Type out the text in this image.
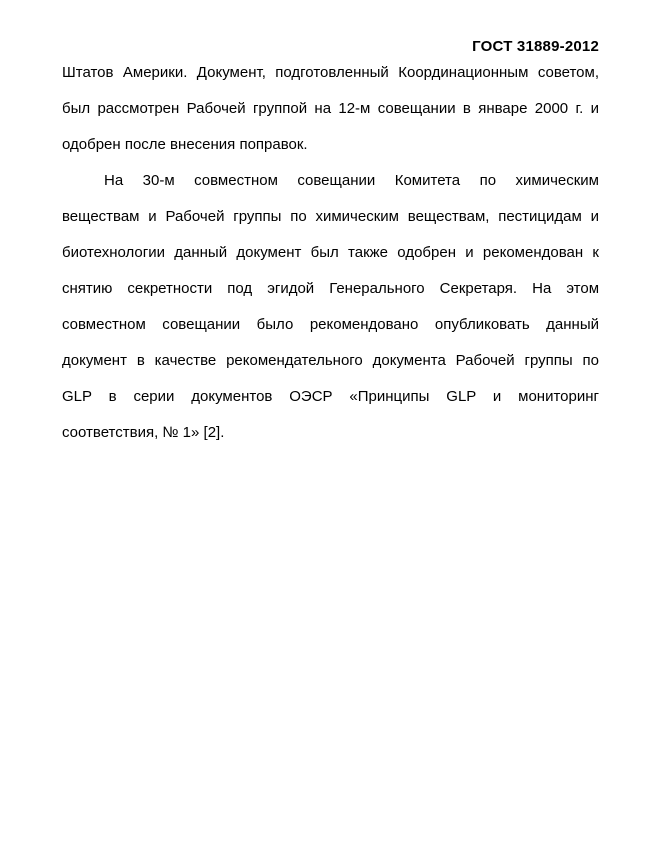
ГОСТ 31889-2012
Штатов Америки. Документ, подготовленный Координационным советом,
был рассмотрен Рабочей группой на 12-м совещании в январе 2000 г. и
одобрен после внесения поправок.
На 30-м совместном совещании Комитета по химическим
веществам и Рабочей группы по химическим веществам, пестицидам и
биотехнологии данный документ был также одобрен и рекомендован к
снятию секретности под эгидой Генерального Секретаря. На этом
совместном совещании было рекомендовано опубликовать данный
документ в качестве рекомендательного документа Рабочей группы по
GLP в серии документов ОЭСР «Принципы GLP и мониторинг
соответствия, № 1» [2].
